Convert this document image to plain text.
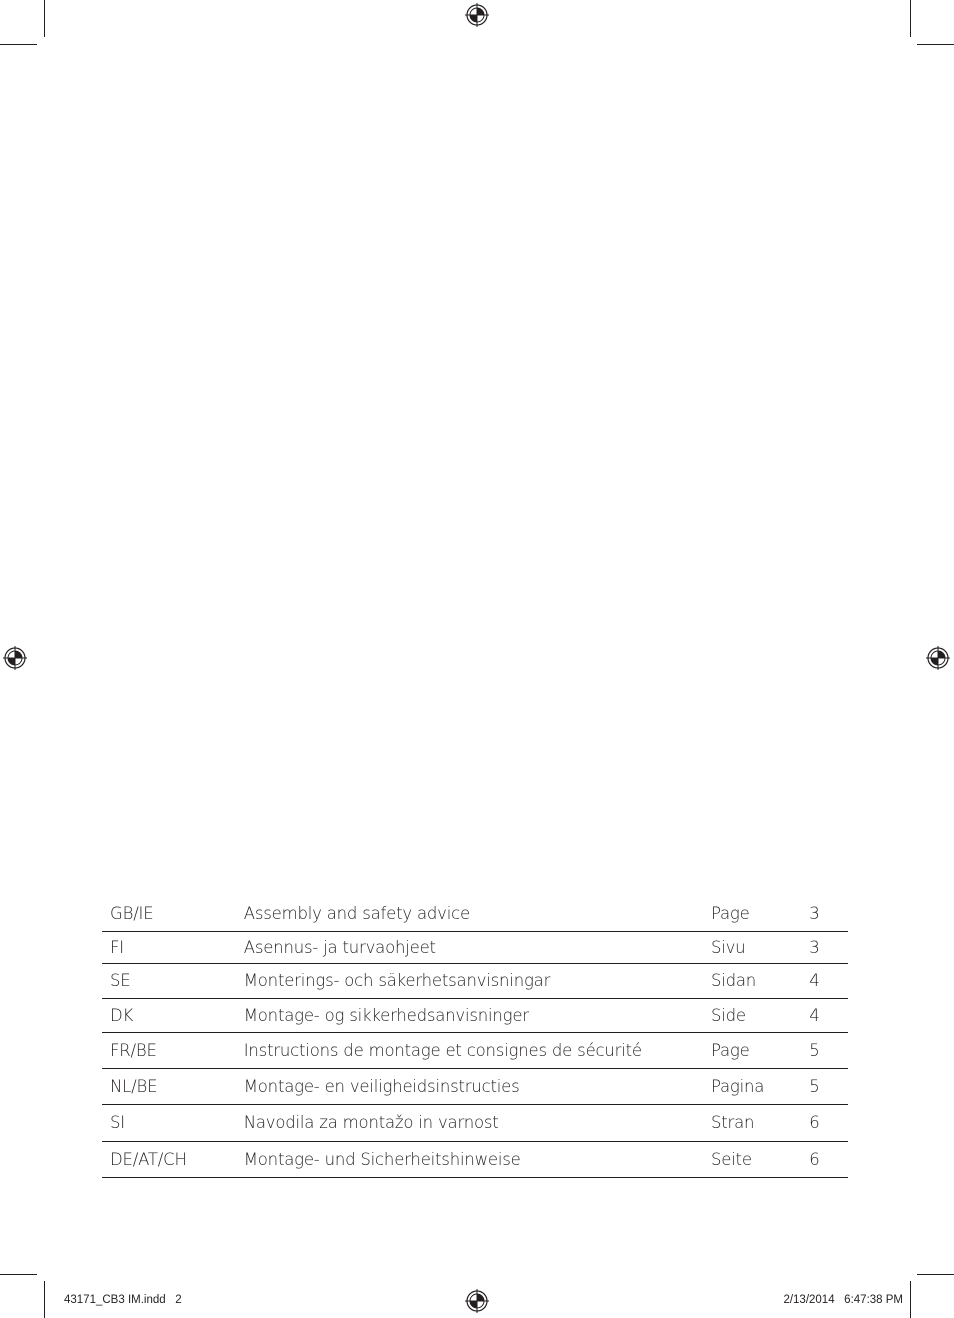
GB/IE	Assembly and safety advice	Page	3
FI	Asennus- ja turvaohjeet	Sivu	3
SE	Monterings- och säkerhetsanvisningar	Sidan	4
DK	Montage- og sikkerhedsanvisninger	Side	4
FR/BE	Instructions de montage et consignes de sécurité	Page	5
NL/BE	Montage- en veiligheidsinstructies	Pagina	5
SI	Navodila za montažo in varnost	Stran	6
DE/AT/CH	Montage- und Sicherheitshinweise	Seite	6
43171_CB3 IM.indd   2	2/13/2014   6:47:38 PM
